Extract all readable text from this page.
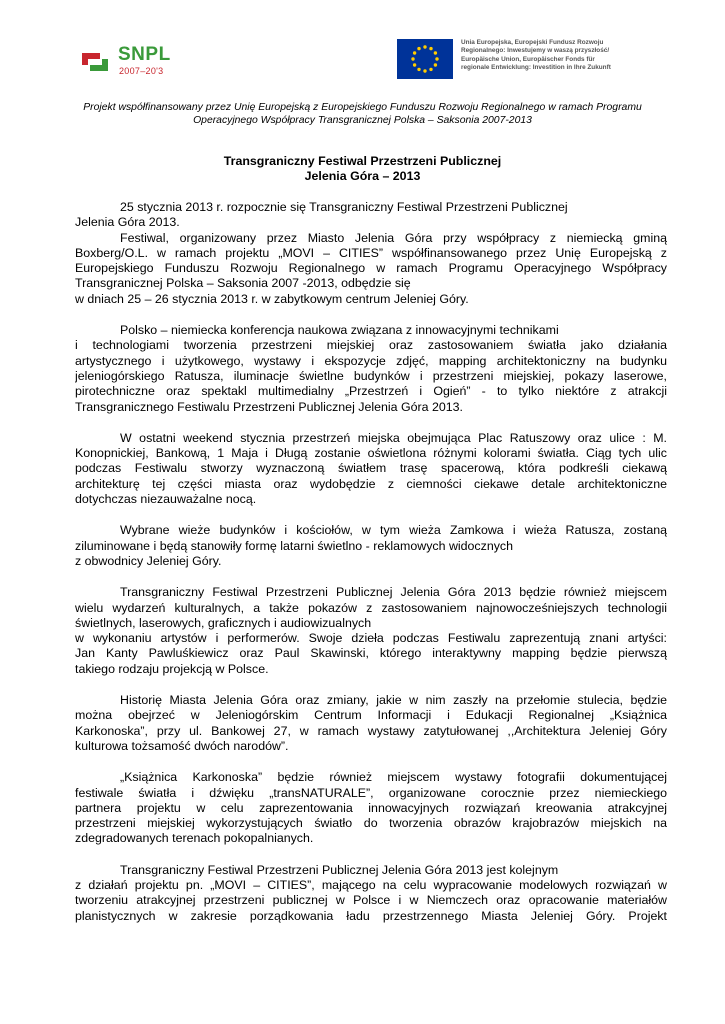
SNPL
2007–20'3
Unia Europejska, Europejski Fundusz Rozwoju
Regionalnego: Inwestujemy w waszą przyszłość/
Europäische Union, Europäischer Fonds für
regionale Entwicklung: Investition in Ihre Zukunft
Projekt współfinansowany przez Unię Europejską z Europejskiego Funduszu Rozwoju Regionalnego w ramach Programu
Operacyjnego Współpracy Transgranicznej Polska – Saksonia 2007-2013
Transgraniczny Festiwal Przestrzeni Publicznej
Jelenia Góra – 2013
25 stycznia 2013 r. rozpocznie się Transgraniczny Festiwal Przestrzeni Publicznej
Jelenia Góra 2013.
Festiwal, organizowany przez Miasto Jelenia Góra przy współpracy z niemiecką gminą
Boxberg/O.L. w ramach projektu „MOVI – CITIES” współfinansowanego przez Unię Europejską z
Europejskiego Funduszu Rozwoju Regionalnego w ramach Programu Operacyjnego Współpracy
Transgranicznej Polska – Saksonia 2007 -2013, odbędzie się
w dniach 25 – 26 stycznia 2013 r. w zabytkowym centrum Jeleniej Góry.
Polsko – niemiecka konferencja naukowa związana z innowacyjnymi technikami
i technologiami tworzenia przestrzeni miejskiej oraz zastosowaniem światła jako działania
artystycznego i użytkowego, wystawy i ekspozycje zdjęć, mapping architektoniczny na budynku
jeleniogórskiego Ratusza, iluminacje świetlne budynków i przestrzeni miejskiej, pokazy laserowe,
pirotechniczne oraz spektakl multimedialny „Przestrzeń i Ogień” - to tylko niektóre z atrakcji
Transgranicznego Festiwalu Przestrzeni Publicznej Jelenia Góra 2013.
W ostatni weekend stycznia przestrzeń miejska obejmująca Plac Ratuszowy oraz ulice : M.
Konopnickiej, Bankową, 1 Maja i Długą zostanie oświetlona różnymi kolorami światła. Ciąg tych ulic
podczas Festiwalu stworzy wyznaczoną światłem trasę spacerową, która podkreśli ciekawą
architekturę tej części miasta oraz wydobędzie z ciemności ciekawe detale architektoniczne
dotychczas niezauważalne nocą.
Wybrane wieże budynków i kościołów, w tym wieża Zamkowa i wieża Ratusza, zostaną
ziluminowane i będą stanowiły formę latarni świetlno - reklamowych widocznych
z obwodnicy Jeleniej Góry.
Transgraniczny Festiwal Przestrzeni Publicznej Jelenia Góra 2013 będzie również miejscem
wielu wydarzeń kulturalnych, a także pokazów z zastosowaniem najnowocześniejszych technologii
świetlnych, laserowych, graficznych i audiowizualnych
w wykonaniu artystów i performerów. Swoje dzieła podczas Festiwalu zaprezentują znani artyści:
Jan Kanty Pawluśkiewicz oraz Paul Skawinski, którego interaktywny mapping będzie pierwszą
takiego rodzaju projekcją w Polsce.
Historię Miasta Jelenia Góra oraz zmiany, jakie w nim zaszły na przełomie stulecia, będzie
można obejrzeć w Jeleniogórskim Centrum Informacji i Edukacji Regionalnej „Książnica
Karkonoska”, przy ul. Bankowej 27, w ramach wystawy zatytułowanej ,,Architektura Jeleniej Góry
kulturowa tożsamość dwóch narodów”.
„Książnica Karkonoska” będzie również miejscem wystawy fotografii dokumentującej
festiwale światła i dźwięku „transNATURALE”, organizowane corocznie przez niemieckiego
partnera projektu w celu zaprezentowania innowacyjnych rozwiązań kreowania atrakcyjnej
przestrzeni miejskiej wykorzystujących światło do tworzenia obrazów krajobrazów miejskich na
zdegradowanych terenach pokopalnianych.
Transgraniczny Festiwal Przestrzeni Publicznej Jelenia Góra 2013 jest kolejnym
z działań projektu pn. „MOVI – CITIES”, mającego na celu wypracowanie modelowych rozwiązań w
tworzeniu atrakcyjnej przestrzeni publicznej w Polsce i w Niemczech oraz opracowanie materiałów
planistycznych w zakresie porządkowania ładu przestrzennego Miasta Jeleniej Góry. Projekt
